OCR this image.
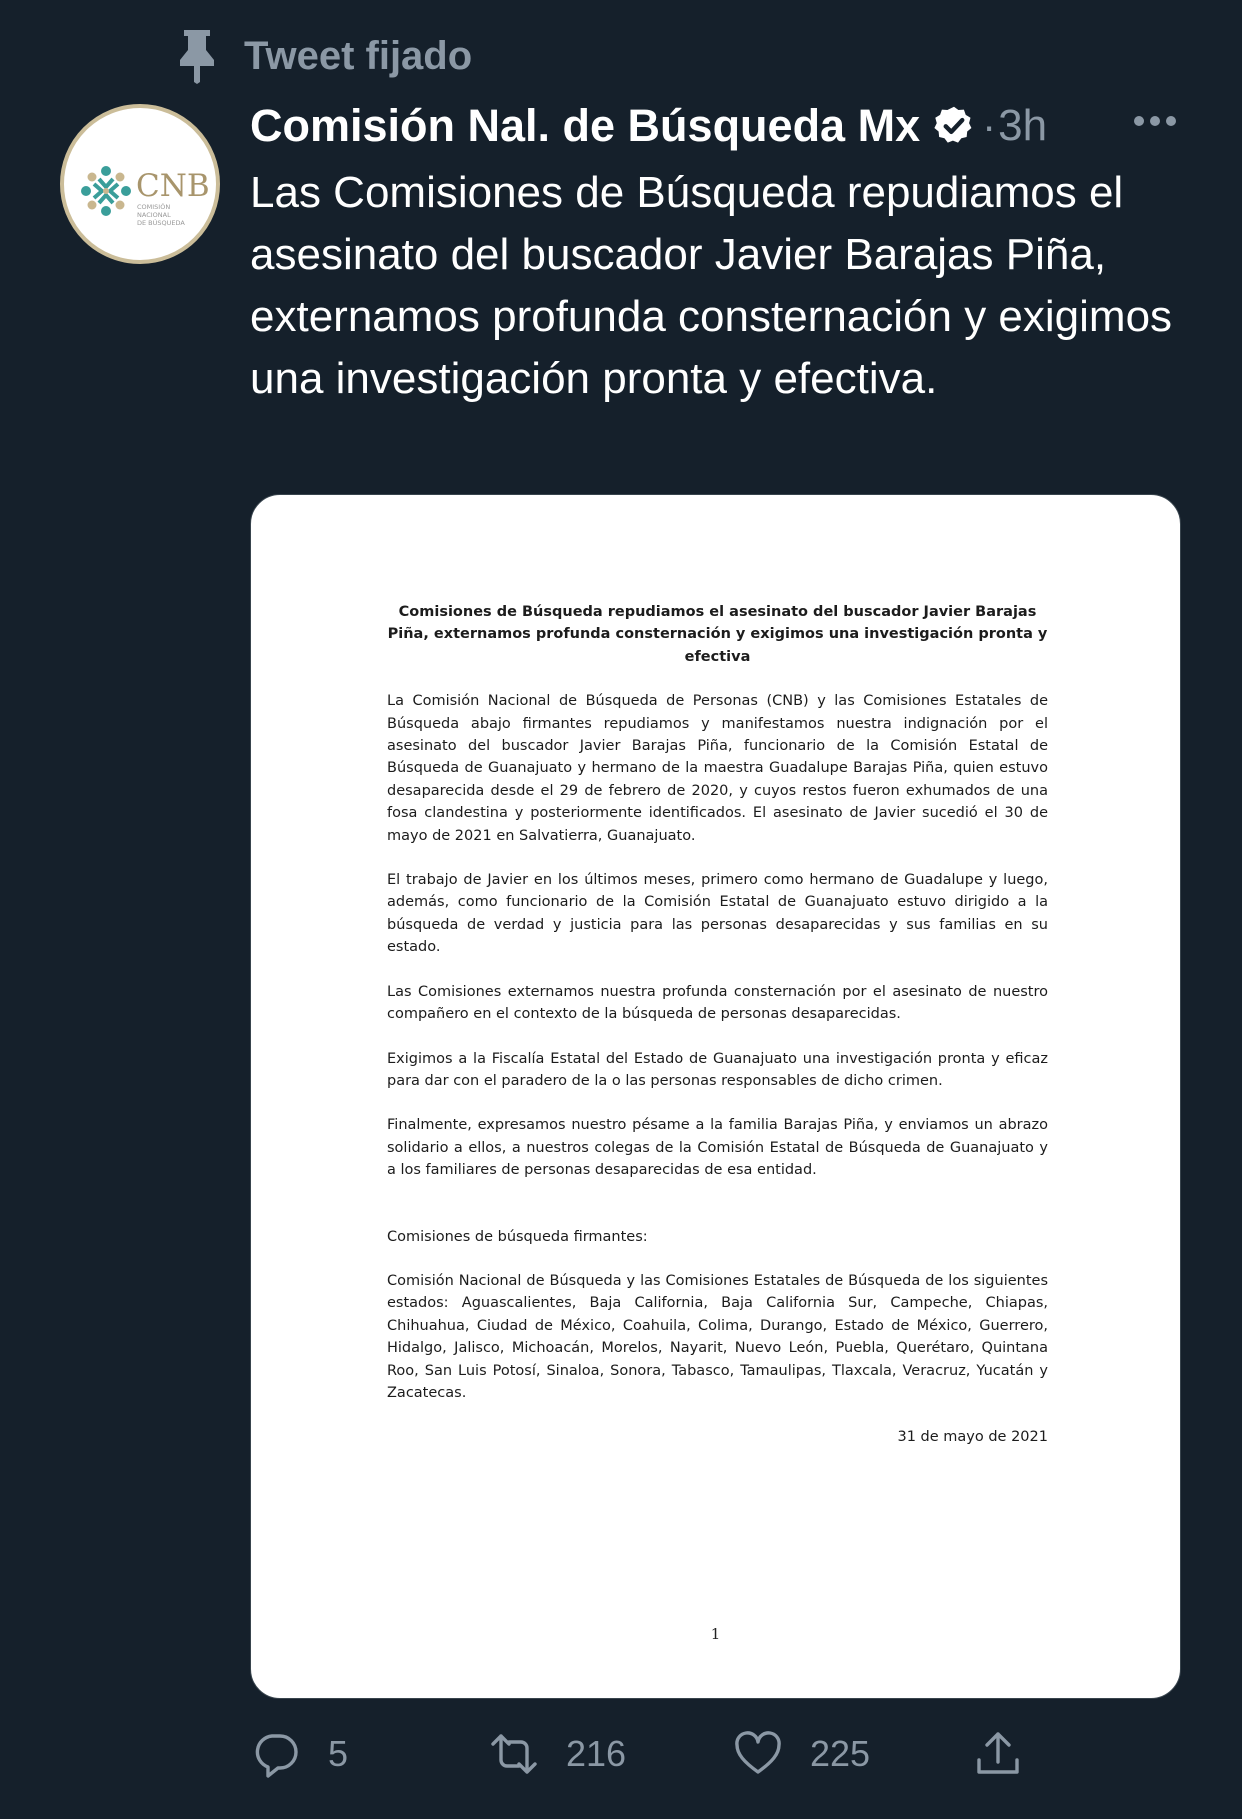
Tweet fijado
CNB
COMISIÓN
NACIONAL
DE BÚSQUEDA
Comisión Nal. de Búsqueda Mx · 3h
Las Comisiones de Búsqueda repudiamos el asesinato del buscador Javier Barajas Piña, externamos profunda consternación y exigimos una investigación pronta y efectiva.
Comisiones de Búsqueda repudiamos el asesinato del buscador Javier Barajas Piña, externamos profunda consternación y exigimos una investigación pronta y efectiva

La Comisión Nacional de Búsqueda de Personas (CNB) y las Comisiones Estatales de Búsqueda abajo firmantes repudiamos y manifestamos nuestra indignación por el asesinato del buscador Javier Barajas Piña, funcionario de la Comisión Estatal de Búsqueda de Guanajuato y hermano de la maestra Guadalupe Barajas Piña, quien estuvo desaparecida desde el 29 de febrero de 2020, y cuyos restos fueron exhumados de una fosa clandestina y posteriormente identificados. El asesinato de Javier sucedió el 30 de mayo de 2021 en Salvatierra, Guanajuato.

El trabajo de Javier en los últimos meses, primero como hermano de Guadalupe y luego, además, como funcionario de la Comisión Estatal de Guanajuato estuvo dirigido a la búsqueda de verdad y justicia para las personas desaparecidas y sus familias en su estado.

Las Comisiones externamos nuestra profunda consternación por el asesinato de nuestro compañero en el contexto de la búsqueda de personas desaparecidas.

Exigimos a la Fiscalía Estatal del Estado de Guanajuato una investigación pronta y eficaz para dar con el paradero de la o las personas responsables de dicho crimen.

Finalmente, expresamos nuestro pésame a la familia Barajas Piña, y enviamos un abrazo solidario a ellos, a nuestros colegas de la Comisión Estatal de Búsqueda de Guanajuato y a los familiares de personas desaparecidas de esa entidad.

Comisiones de búsqueda firmantes:

Comisión Nacional de Búsqueda y las Comisiones Estatales de Búsqueda de los siguientes estados: Aguascalientes, Baja California, Baja California Sur, Campeche, Chiapas, Chihuahua, Ciudad de México, Coahuila, Colima, Durango, Estado de México, Guerrero, Hidalgo, Jalisco, Michoacán, Morelos, Nayarit, Nuevo León, Puebla, Querétaro, Quintana Roo, San Luis Potosí, Sinaloa, Sonora, Tabasco, Tamaulipas, Tlaxcala, Veracruz, Yucatán y Zacatecas.

31 de mayo de 2021
1
5	216	225
